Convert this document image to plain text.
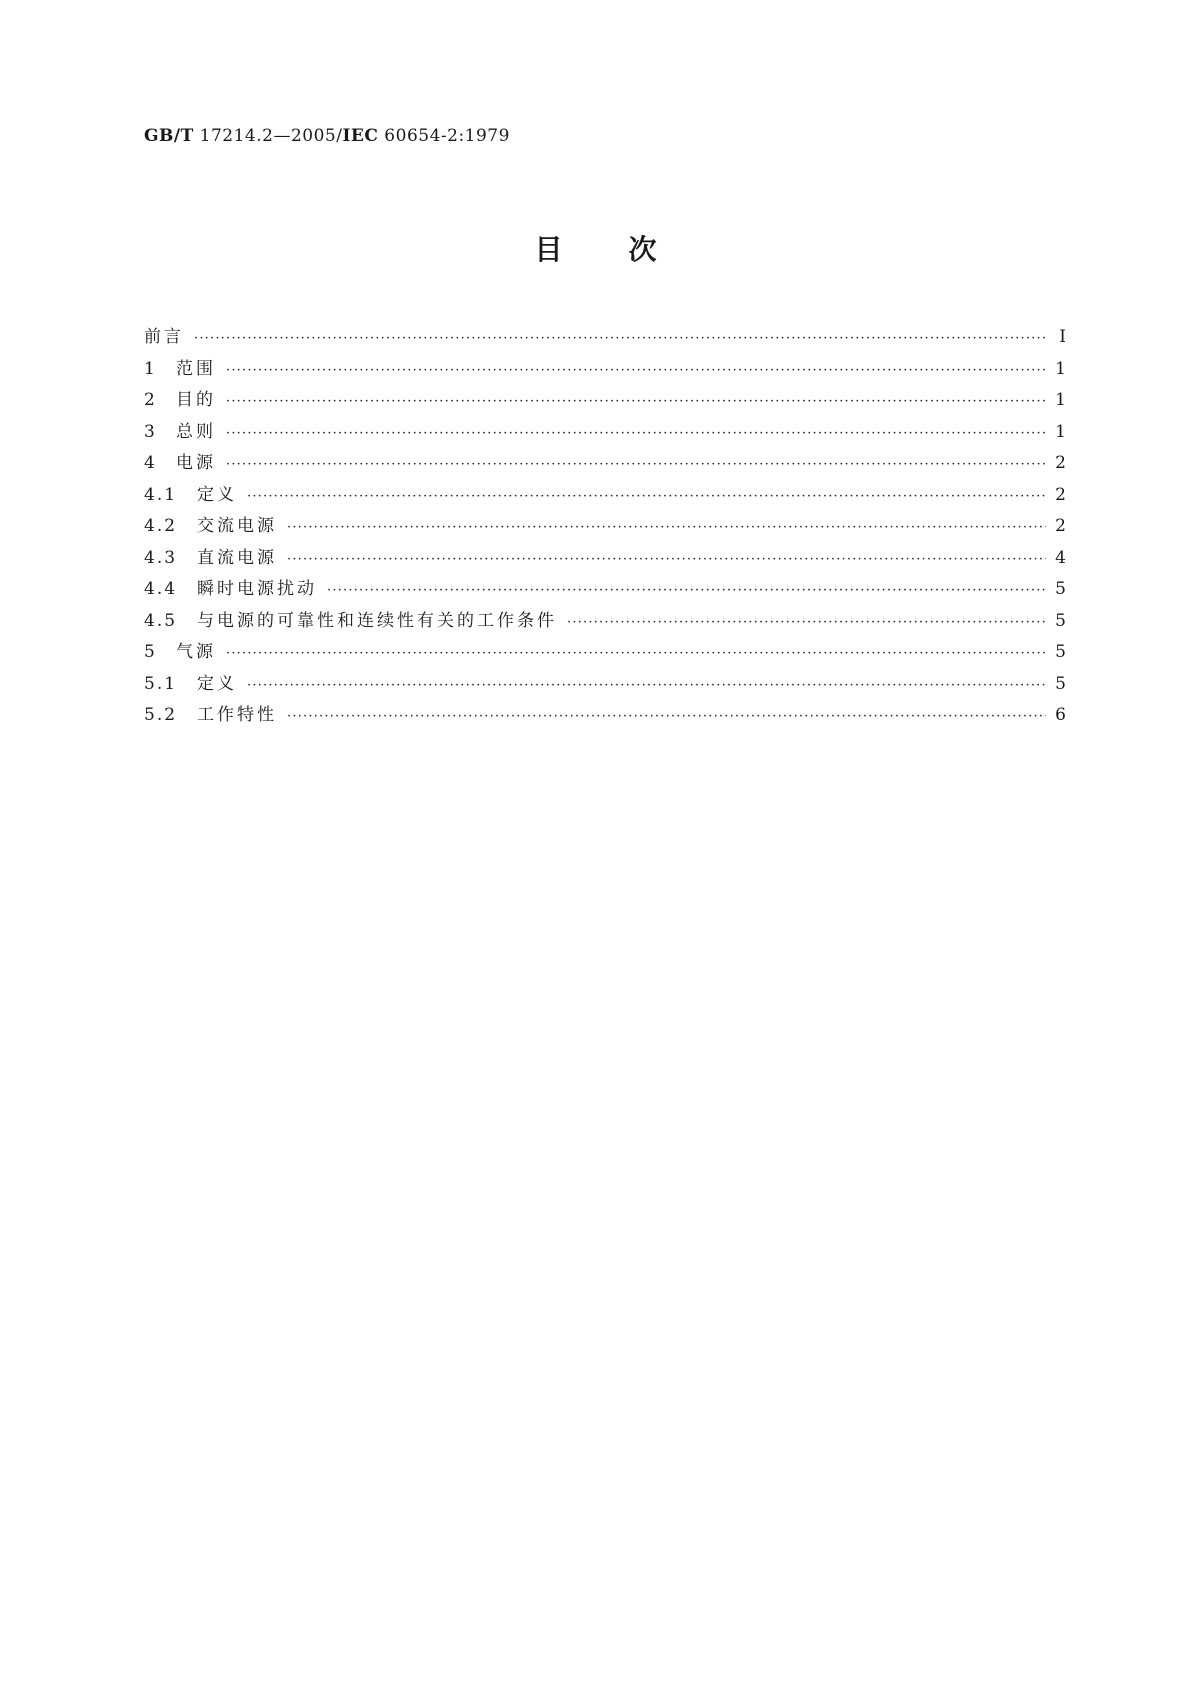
GB/T 17214.2—2005/IEC 60654-2:1979
目次
前言 ·····	I
1	范围 ·····	1
2	目的 ·····	1
3	总则 ·····	1
4	电源 ·····	2
4.1	定义 ·····	2
4.2	交流电源 ·····	2
4.3	直流电源 ·····	4
4.4	瞬时电源扰动 ·····	5
4.5	与电源的可靠性和连续性有关的工作条件 ·····	5
5	气源 ·····	5
5.1	定义 ·····	5
5.2	工作特性 ·····	6
